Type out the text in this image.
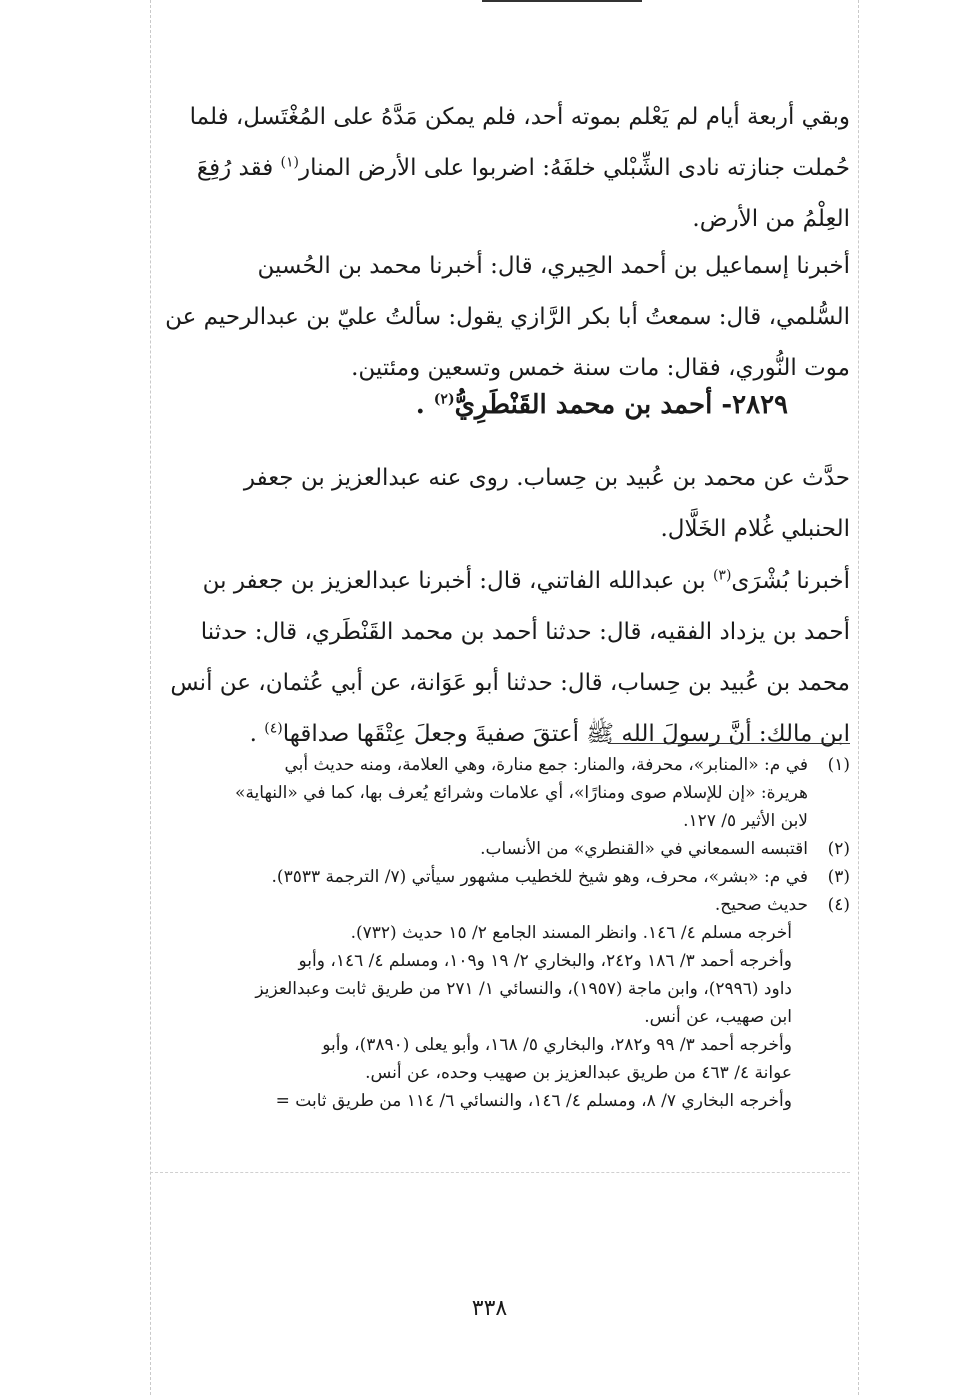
وبقي أربعة أيام لم يَعْلم بموته أحد، فلم يمكن مَدَّهُ على المُغْتَسل، فلما

حُملت جنازته نادى الشِّبْلي خلفَهُ: اضربوا على الأرض المنار$^{(١)}$ فقد رُفِعَ

العِلْمُ من الأرض.

أخبرنا إسماعيل بن أحمد الحِيري، قال: أخبرنا محمد بن الحُسين

السُّلمي، قال: سمعتُ أبا بكر الرَّازي يقول: سألتُ عليّ بن عبدالرحيم عن

موت النُّوري، فقال: مات سنة خمس وتسعين ومئتين.

٢٨٢٩- أحمد بن محمد القَنْطَرِيُّ$^{(٢)}$ .

حدَّث عن محمد بن عُبيد بن حِساب. روى عنه عبدالعزيز بن جعفر

الحنبلي غُلام الخَلَّال.

أخبرنا بُشْرَى$^{(٣)}$ بن عبدالله الفاتني، قال: أخبرنا عبدالعزيز بن جعفر بن

أحمد بن يزداد الفقيه، قال: حدثنا أحمد بن محمد القَنْطَري، قال: حدثنا

محمد بن عُبيد بن حِساب، قال: حدثنا أبو عَوَانة، عن أبي عُثمان، عن أنس

ابن مالك: أنَّ رسولَ الله ﷺ أعتقَ صفيةَ وجعلَ عِتْقَها صداقها$^{(٤)}$ .

(١)
في م: «المنابر»، محرفة، والمنار: جمع منارة، وهي العلامة، ومنه حديث أبي
هريرة: «إن للإسلام صوى ومنارًا»، أي علامات وشرائع يُعرف بها، كما في «النهاية»
لابن الأثير ٥/ ١٢٧.
(٢)
اقتبسه السمعاني في «القنطري» من الأنساب.
(٣)
في م: «بشر»، محرف، وهو شيخ للخطيب مشهور سيأتي (٧/ الترجمة ٣٥٣٣).
(٤)
حديث صحيح.
أخرجه مسلم ٤/ ١٤٦. وانظر المسند الجامع ٢/ ١٥ حديث (٧٣٢).
وأخرجه أحمد ٣/ ١٨٦ و٢٤٢، والبخاري ٢/ ١٩ و١٠٩، ومسلم ٤/ ١٤٦، وأبو
داود (٢٩٩٦)، وابن ماجة (١٩٥٧)، والنسائي ١/ ٢٧١ من طريق ثابت وعبدالعزيز
ابن صهيب، عن أنس.
وأخرجه أحمد ٣/ ٩٩ و٢٨٢، والبخاري ٥/ ١٦٨، وأبو يعلى (٣٨٩٠)، وأبو
عوانة ٤/ ٤٦٣ من طريق عبدالعزيز بن صهيب وحده، عن أنس.
وأخرجه البخاري ٧/ ٨، ومسلم ٤/ ١٤٦، والنسائي ٦/ ١١٤ من طريق ثابت =
٣٣٨
